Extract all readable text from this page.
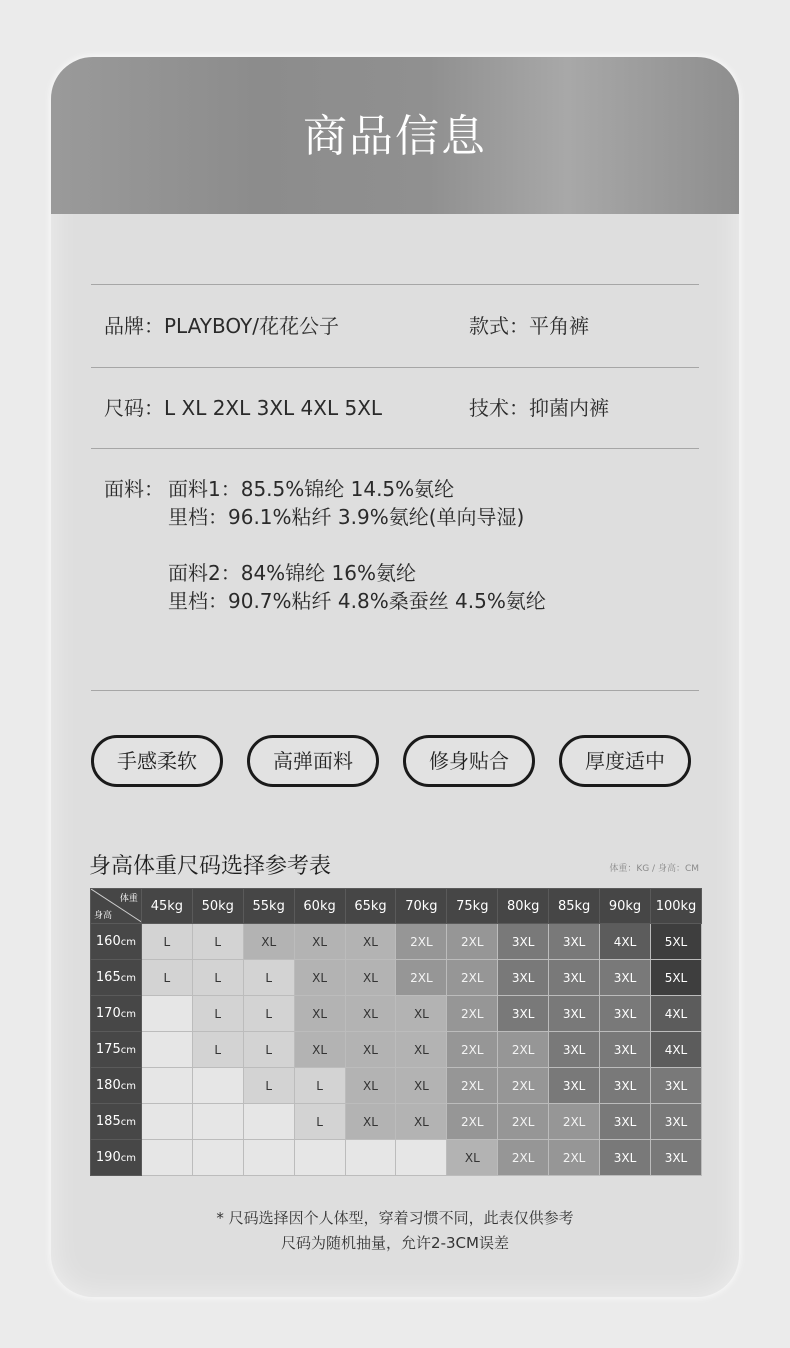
商品信息
品牌：PLAYBOY/花花公子	款式：平角裤
尺码：L XL 2XL 3XL 4XL 5XL	技术：抑菌内裤
面料： 面料1：85.5%锦纶 14.5%氨纶
里档：96.1%粘纤 3.9%氨纶(单向导湿)
面料2：84%锦纶 16%氨纶
里档：90.7%粘纤 4.8%桑蚕丝 4.5%氨纶
手感柔软	高弹面料	修身贴合	厚度适中
身高体重尺码选择参考表	体重：KG / 身高：CM
体重
身高	45kg	50kg	55kg	60kg	65kg	70kg	75kg	80kg	85kg	90kg	100kg
160cm	L	L	XL	XL	XL	2XL	2XL	3XL	3XL	4XL	5XL
165cm	L	L	L	XL	XL	2XL	2XL	3XL	3XL	3XL	5XL
170cm		L	L	XL	XL	XL	2XL	3XL	3XL	3XL	4XL
175cm		L	L	XL	XL	XL	2XL	2XL	3XL	3XL	4XL
180cm			L	L	XL	XL	2XL	2XL	3XL	3XL	3XL
185cm				L	XL	XL	2XL	2XL	2XL	3XL	3XL
190cm							XL	2XL	2XL	3XL	3XL
* 尺码选择因个人体型，穿着习惯不同，此表仅供参考
尺码为随机抽量，允许2-3CM误差
